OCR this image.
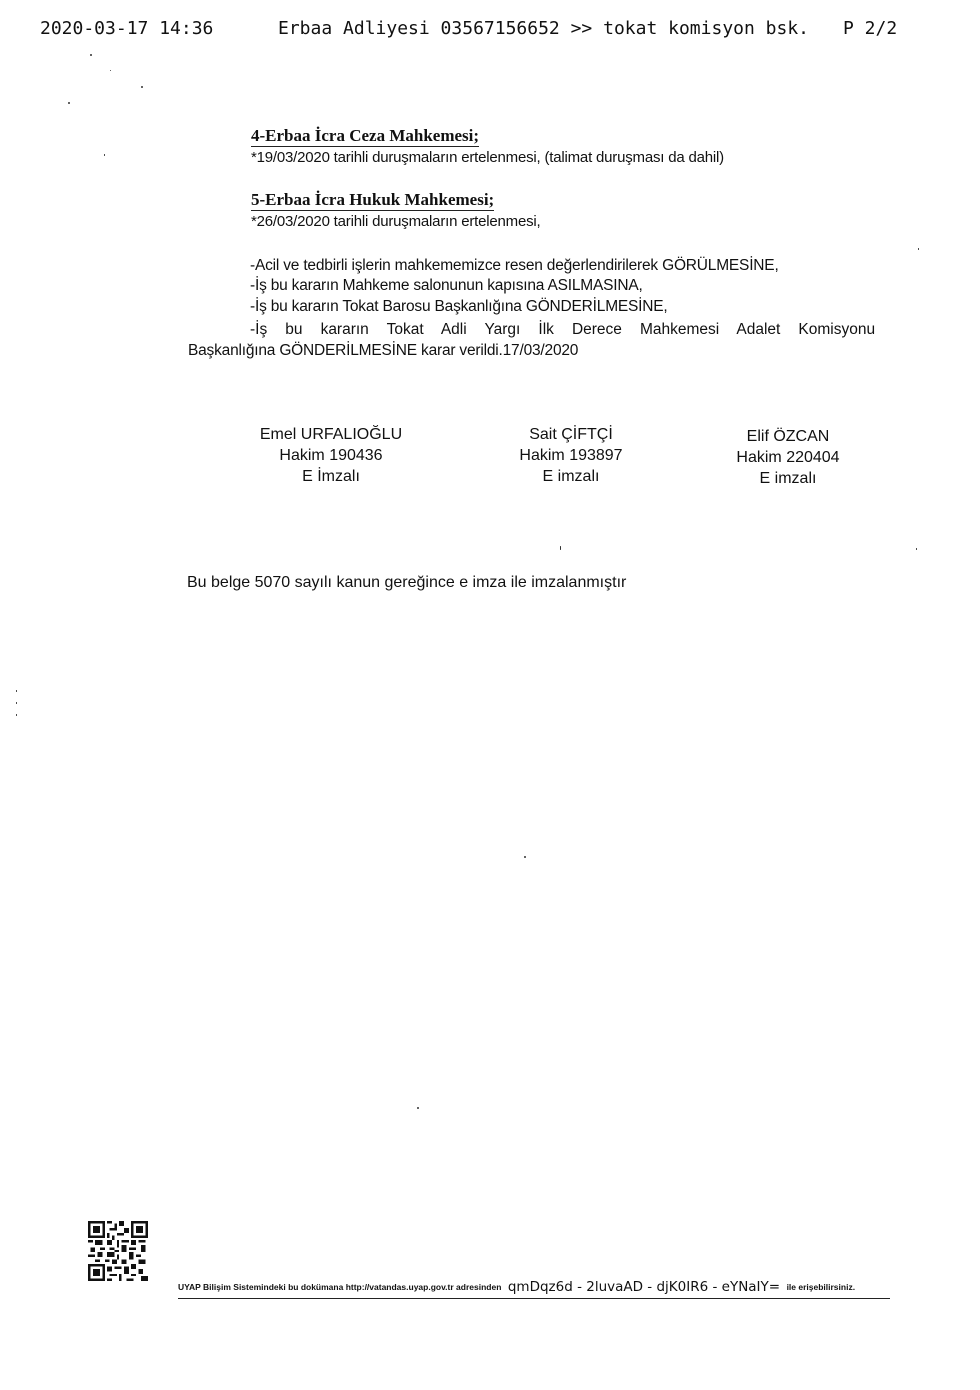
2020-03-17 14:36	Erbaa Adliyesi 03567156652 >> tokat komisyon bsk. P 2/2
4-Erbaa İcra Ceza Mahkemesi;
*19/03/2020 tarihli duruşmaların ertelenmesi, (talimat duruşması da dahil)
5-Erbaa İcra Hukuk Mahkemesi;
*26/03/2020 tarihli duruşmaların ertelenmesi,
-Acil ve tedbirli işlerin mahkememizce resen değerlendirilerek GÖRÜLMESİNE,
-İş bu kararın Mahkeme salonunun kapısına ASILMASINA,
-İş bu kararın Tokat Barosu Başkanlığına GÖNDERİLMESİNE,
-İş bu kararın Tokat Adli Yargı İlk Derece Mahkemesi Adalet Komisyonu
Başkanlığına GÖNDERİLMESİNE karar verildi.17/03/2020
Emel URFALIOĞLU
Hakim 190436
E İmzalı
Sait ÇİFTÇİ
Hakim 193897
E imzalı
Elif ÖZCAN
Hakim 220404
E imzalı
Bu belge 5070 sayılı kanun gereğince e imza ile imzalanmıştır
UYAP Bilişim Sistemindeki bu dokümana http://vatandas.uyap.gov.tr adresinden qmDqz6d - 2luvaAD - djK0IR6 - eYNaIY= ile erişebilirsiniz.
